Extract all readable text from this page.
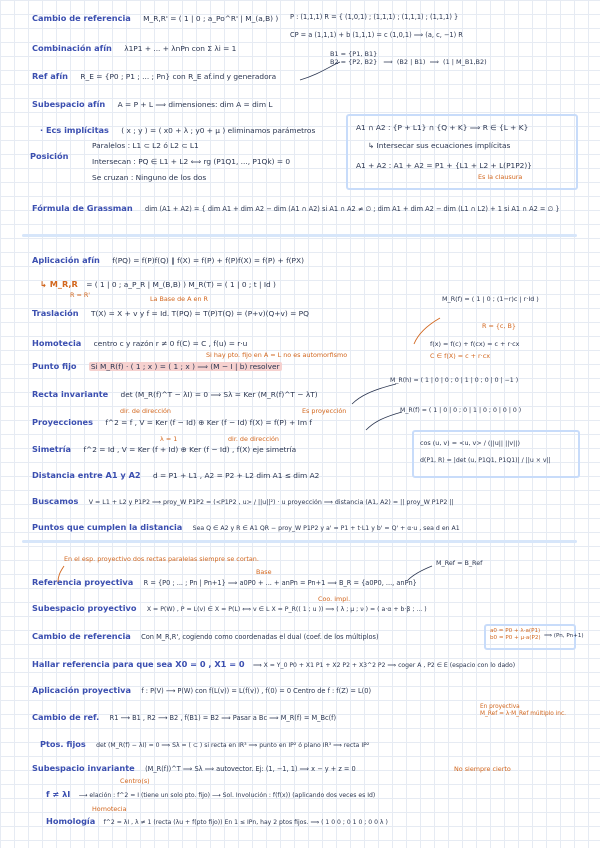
Cambio de referencia M_R,R' = ( 1 | 0 ; a_Po^R' | M_(a,B) )
Combinación afín λ1P1 + ... + λnPn con Σ λi = 1
Ref afín R_E = {P0 ; P1 ; ... ; Pn} con R_E af.ind y generadora
Subespacio afín A = P + L ⟹ dimensiones: dim A = dim L
· Ecs implícitas ( x ; y ) = ( x0 + λ ; y0 + μ ) eliminamos parámetros
Posición
Paralelos : L1 ⊂ L2 ó L2 ⊂ L1
Intersecan : PQ ∈ L1 + L2 ⟺ rg (P1Q1, ..., P1Qk) = 0
Se cruzan : Ninguno de los dos
Fórmula de Grassman dim (A1 + A2) = { dim A1 + dim A2 − dim (A1 ∩ A2) si A1 ∩ A2 ≠ ∅ ; dim A1 + dim A2 − dim (L1 ∩ L2) + 1 si A1 ∩ A2 = ∅ }
P : (1,1,1) R = { (1,0,1) ; (1,1,1) ; (1,1,1) ; (1,1,1) }
CP = a (1,1,1) + b (1,1,1) = c (1,0,1) ⟹ (a, c, −1) R
B1 = {P1, B1}
B2 = {P2, B2}   ⟹  (B2 | B1)  ⟹  (1 | M_B1,B2)
A1 ∩ A2 : {P + L1} ∩ {Q + K} ⟹ R ∈ {L + K}
↳ Intersecar sus ecuaciones implícitas
A1 + A2 : A1 + A2 = P1 + {L1 + L2 + L(P1P2)}
Es la clausura
Aplicación afín f(PQ) = f(P)f(Q) ‖ f(X) = f(P) + f(P)f(X) = f(P) + f(PX)
↳ M_R,R = ( 1 | 0 ; a_P_R | M_(B,B) ) M_R(T) = ( 1 | 0 ; t | Id )
R = R'	La Base de A en R
Traslación T(X) = X + v y f = Id. T(PQ) = T(P)T(Q) = (P+v)(Q+v) = PQ
Homotecia centro c y razón r ≠ 0 f(C) = C , f(u) = r·u
Punto fijo Si M_R(f) · ( 1 ; x ) = ( 1 ; x ) ⟹ (M − I | b) resolver
Si hay pto. fijo en A = L no es automorfismo
Recta invariante det (M_R(f)^T − λI) = 0 ⟹ Sλ = Ker (M_R(f)^T − λT)
Proyecciones f^2 = f , V = Ker (f − Id) ⊕ Ker (f − Id) f(X) = f(P) + Im f
dir. de dirección	Es proyección
Simetría f^2 = Id , V = Ker (f + Id) ⊕ Ker (f − Id) , f(X) eje simetría
λ = 1	dir. de dirección
Distancia entre A1 y A2 d = P1 + L1 , A2 = P2 + L2 dim A1 ≤ dim A2
Buscamos V = L1 + L2 y P1P2 ⟹ proy_W P1P2 = (<P1P2 , u> / ||u||²) · u proyección ⟹ distancia (A1, A2) = || proy_W P1P2 ||
Puntos que cumplen la distancia Sea Q ∈ A2 y R ∈ A1 QR − proy_W P1P2 y a' = P1 + t·L1 y b' = Q' + α·u , sea d en A1
M_R(f) = ( 1 | 0 ; (1−r)c | r·Id )
R = {c, B}
f(x) = f(c) + f(cx) = c + r·cx
C ∈ f(X) = c + r·cx
M_R(h) = ( 1 | 0 | 0 ; 0 | 1 | 0 ; 0 | 0 | −1 )
M_R(f) = ( 1 | 0 | 0 ; 0 | 1 | 0 ; 0 | 0 | 0 )
cos (u, v) = <u, v> / (||u|| ||v||)
d(P1, R) = |det (u, P1Q1, P1Q1)| / ||u × v||
En el esp. proyectivo dos rectas paralelas siempre se cortan.	M_Ref = B_Ref
Base
Referencia proyectiva R = {P0 ; ... ; Pn | Pn+1} ⟹ a0P0 + ... + anPn = Pn+1 ⟹ B_R = {a0P0, ..., anPn}
Coo. impl.
Subespacio proyectivo X = P(W) , P = L(v) ∈ X = P(L) ⟺ v ∈ L X = P_R(( 1 ; u )) ⟹ ( λ ; μ ; ν ) = ( a·α + b·β ; ... )
Cambio de referencia Con M_R,R', cogiendo como coordenadas el dual (coef. de los múltiplos)
a0 = P0 + λ·a(P1)
b0 = P0 + μ·a(P2) ⟹ (Pn, Pn+1)
Hallar referencia para que sea X0 = 0 , X1 = 0 ⟹ X = Y_0 P0 + X1 P1 + X2 P2 + X3^2 P2 ⟹ coger A , P2 ∈ E (espacio con lo dado)
Aplicación proyectiva f : P(V) ⟶ P(W) con f(L(v)) = L(f(v)) , f(0) = 0 Centro de f : f(Z) = L(0)
Cambio de ref. R1 ⟶ B1 , R2 ⟶ B2 , f(B1) = B2 ⟹ Pasar a Bc ⟹ M_R(f) = M_Bc(f)
En proyectiva
M_Ref = λ·M_Ref múltiplo inc.
Ptos. fijos det (M_R(f) − λI) = 0 ⟹ Sλ = ( ⊂ ) si recta en IR³ ⟹ punto en IP² ó plano IR³ ⟹ recta IP²
Subespacio invariante (M_R(f))^T ⟹ Sλ ⟹ autovector. Ej: (1, −1, 1) ⟹ x − y + z = 0	No siempre cierto
Centro(s)
f ≠ λI ⟶ elación : f^2 = I (tiene un solo pto. fijo) ⟶ Sol. Involución : f(f(x)) (aplicando dos veces es Id)
Homotecia
Homología f^2 = λI , λ ≠ 1 (recta (λu + f(pto fijo)) En 1 ≤ IPn, hay 2 ptos fijos. ⟹ ( 1 0 0 ; 0 1 0 ; 0 0 λ )
